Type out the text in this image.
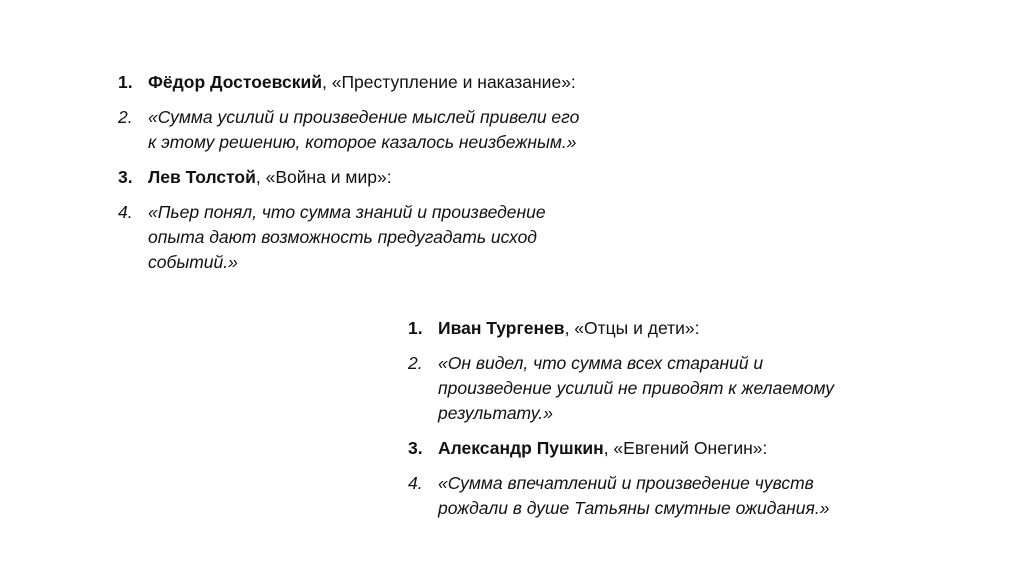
1. Фёдор Достоевский, «Преступление и наказание»:
2. «Сумма усилий и произведение мыслей привели его
к этому решению, которое казалось неизбежным.»
3. Лев Толстой, «Война и мир»:
4. «Пьер понял, что сумма знаний и произведение
опыта дают возможность предугадать исход
событий.»
1. Иван Тургенев, «Отцы и дети»:
2. «Он видел, что сумма всех стараний и
произведение усилий не приводят к желаемому
результату.»
3. Александр Пушкин, «Евгений Онегин»:
4. «Сумма впечатлений и произведение чувств
рождали в душе Татьяны смутные ожидания.»
